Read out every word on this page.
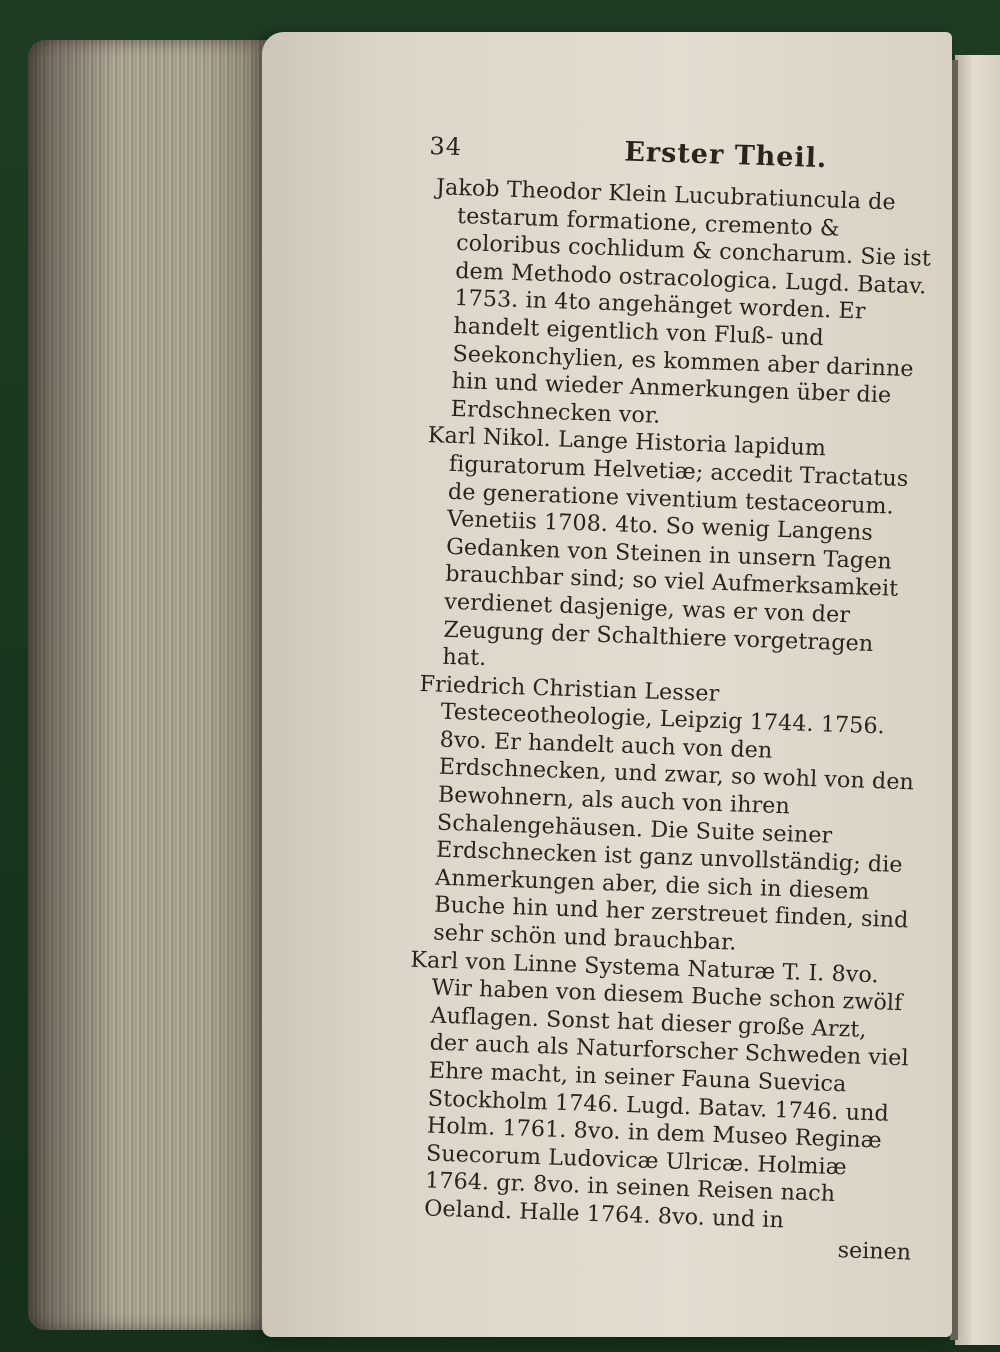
34	Erster Theil.

Jakob Theodor Klein Lucubratiuncula de testarum formatione, cremento & coloribus cochlidum & concharum. Sie ist dem Methodo ostracologica. Lugd. Batav. 1753. in 4to angehänget worden. Er handelt eigentlich von Fluß- und Seekonchylien, es kommen aber darinne hin und wieder Anmerkungen über die Erdschnecken vor.

Karl Nikol. Lange Historia lapidum figuratorum Helvetiæ; accedit Tractatus de generatione viventium testaceorum. Venetiis 1708. 4to. So wenig Langens Gedanken von Steinen in unsern Tagen brauchbar sind; so viel Aufmerksamkeit verdienet dasjenige, was er von der Zeugung der Schalthiere vorgetragen hat.

Friedrich Christian Lesser Testeceotheologie, Leipzig 1744. 1756. 8vo. Er handelt auch von den Erdschnecken, und zwar, so wohl von den Bewohnern, als auch von ihren Schalengehäusen. Die Suite seiner Erdschnecken ist ganz unvollständig; die Anmerkungen aber, die sich in diesem Buche hin und her zerstreuet finden, sind sehr schön und brauchbar.

Karl von Linne Systema Naturæ T. I. 8vo. Wir haben von diesem Buche schon zwölf Auflagen. Sonst hat dieser große Arzt, der auch als Naturforscher Schweden viel Ehre macht, in seiner Fauna Suevica Stockholm 1746. Lugd. Batav. 1746. und Holm. 1761. 8vo. in dem Museo Reginæ Suecorum Ludovicæ Ulricæ. Holmiæ 1764. gr. 8vo. in seinen Reisen nach Oeland. Halle 1764. 8vo. und in

seinen
